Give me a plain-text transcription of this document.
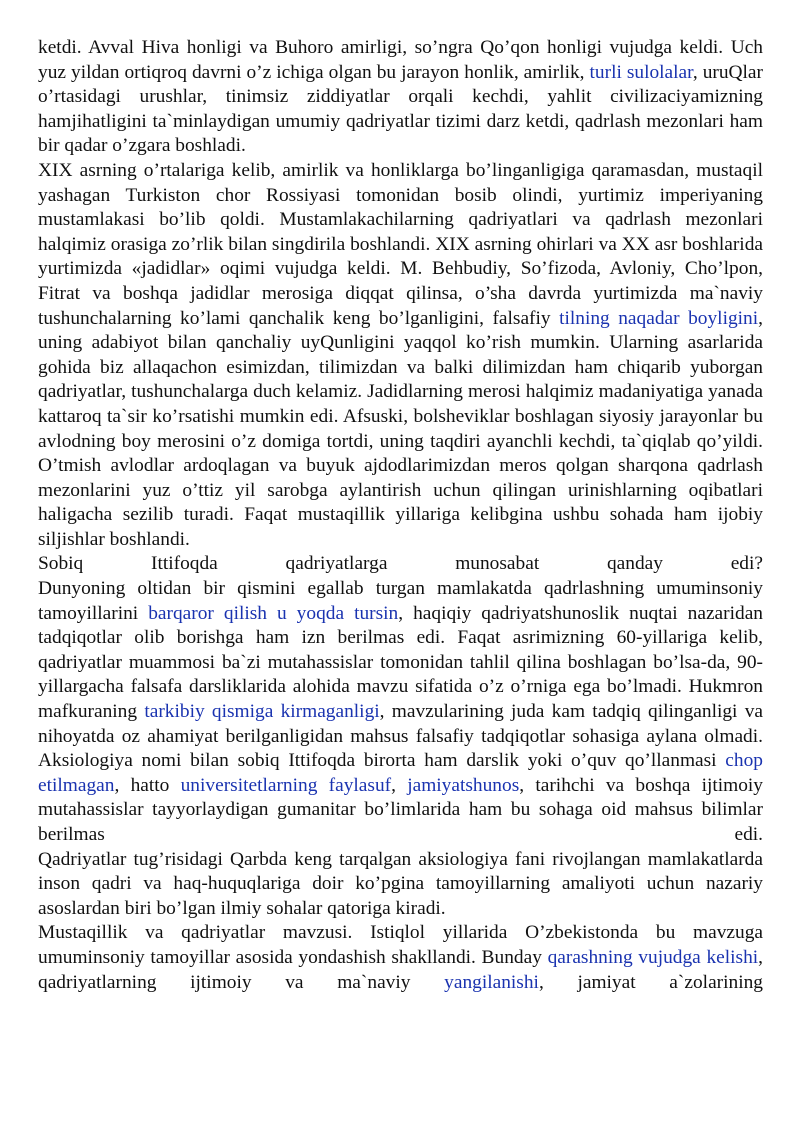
ketdi. Avval Hiva honligi va Buhoro amirligi, so’ngra Qo’qon honligi vujudga keldi. Uch yuz yildan ortiqroq davrni o’z ichiga olgan bu jarayon honlik, amirlik, turli sulolalar, uruQlar o’rtasidagi urushlar, tinimsiz ziddiyatlar orqali kechdi, yahlit civilizaciyamizning hamjihatligini ta`minlaydigan umumiy qadriyatlar tizimi darz ketdi, qadrlash mezonlari ham bir qadar o’zgara boshladi.

XIX asrning o’rtalariga kelib, amirlik va honliklarga bo’linganligiga qaramasdan, mustaqil yashagan Turkiston chor Rossiyasi tomonidan bosib olindi, yurtimiz imperiyaning mustamlakasi bo’lib qoldi. Mustamlakachilarning qadriyatlari va qadrlash mezonlari halqimiz orasiga zo’rlik bilan singdirila boshlandi. XIX asrning ohirlari va XX asr boshlarida yurtimizda «jadidlar» oqimi vujudga keldi. M. Behbudiy, So’fizoda, Avloniy, Cho’lpon, Fitrat va boshqa jadidlar merosiga diqqat qilinsa, o’sha davrda yurtimizda ma`naviy tushunchalarning ko’lami qanchalik keng bo’lganligini, falsafiy tilning naqadar boyligini, uning adabiyot bilan qanchaliy uyQunligini yaqqol ko’rish mumkin. Ularning asarlarida gohida biz allaqachon esimizdan, tilimizdan va balki dilimizdan ham chiqarib yuborgan qadriyatlar, tushunchalarga duch kelamiz. Jadidlarning merosi halqimiz madaniyatiga yanada kattaroq ta`sir ko’rsatishi mumkin edi. Afsuski, bolsheviklar boshlagan siyosiy jarayonlar bu avlodning boy merosini o’z domiga tortdi, uning taqdiri ayanchli kechdi, ta`qiqlab qo’yildi. O’tmish avlodlar ardoqlagan va buyuk ajdodlarimizdan meros qolgan sharqona qadrlash mezonlarini yuz o’ttiz yil sarobga aylantirish uchun qilingan urinishlarning oqibatlari haligacha sezilib turadi. Faqat mustaqillik yillariga kelibgina ushbu sohada ham ijobiy siljishlar boshlandi.

Sobiq Ittifoqda qadriyatlarga munosabat qanday edi?

Dunyoning oltidan bir qismini egallab turgan mamlakatda qadrlashning umuminsoniy tamoyillarini barqaror qilish u yoqda tursin, haqiqiy qadriyatshunoslik nuqtai nazaridan tadqiqotlar olib borishga ham izn berilmas edi. Faqat asrimizning 60-yillariga kelib, qadriyatlar muammosi ba`zi mutahassislar tomonidan tahlil qilina boshlagan bo’lsa-da, 90-yillargacha falsafa darsliklarida alohida mavzu sifatida o’z o’rniga ega bo’lmadi. Hukmron mafkuraning tarkibiy qismiga kirmaganligi, mavzularining juda kam tadqiq qilinganligi va nihoyatda oz ahamiyat berilganligidan mahsus falsafiy tadqiqotlar sohasiga aylana olmadi. Aksiologiya nomi bilan sobiq Ittifoqda birorta ham darslik yoki o’quv qo’llanmasi chop etilmagan, hatto universitetlarning faylasuf, jamiyatshunos, tarihchi va boshqa ijtimoiy mutahassislar tayyorlaydigan gumanitar bo’limlarida ham bu sohaga oid mahsus bilimlar berilmas edi.

Qadriyatlar tug’risidagi Qarbda keng tarqalgan aksiologiya fani rivojlangan mamlakatlarda inson qadri va haq-huquqlariga doir ko’pgina tamoyillarning amaliyoti uchun nazariy asoslardan biri bo’lgan ilmiy sohalar qatoriga kiradi.

Mustaqillik va qadriyatlar mavzusi. Istiqlol yillarida O’zbekistonda bu mavzuga umuminsoniy tamoyillar asosida yondashish shakllandi. Bunday qarashning vujudga kelishi, qadriyatlarning ijtimoiy va ma`naviy yangilanishi, jamiyat a`zolarining
